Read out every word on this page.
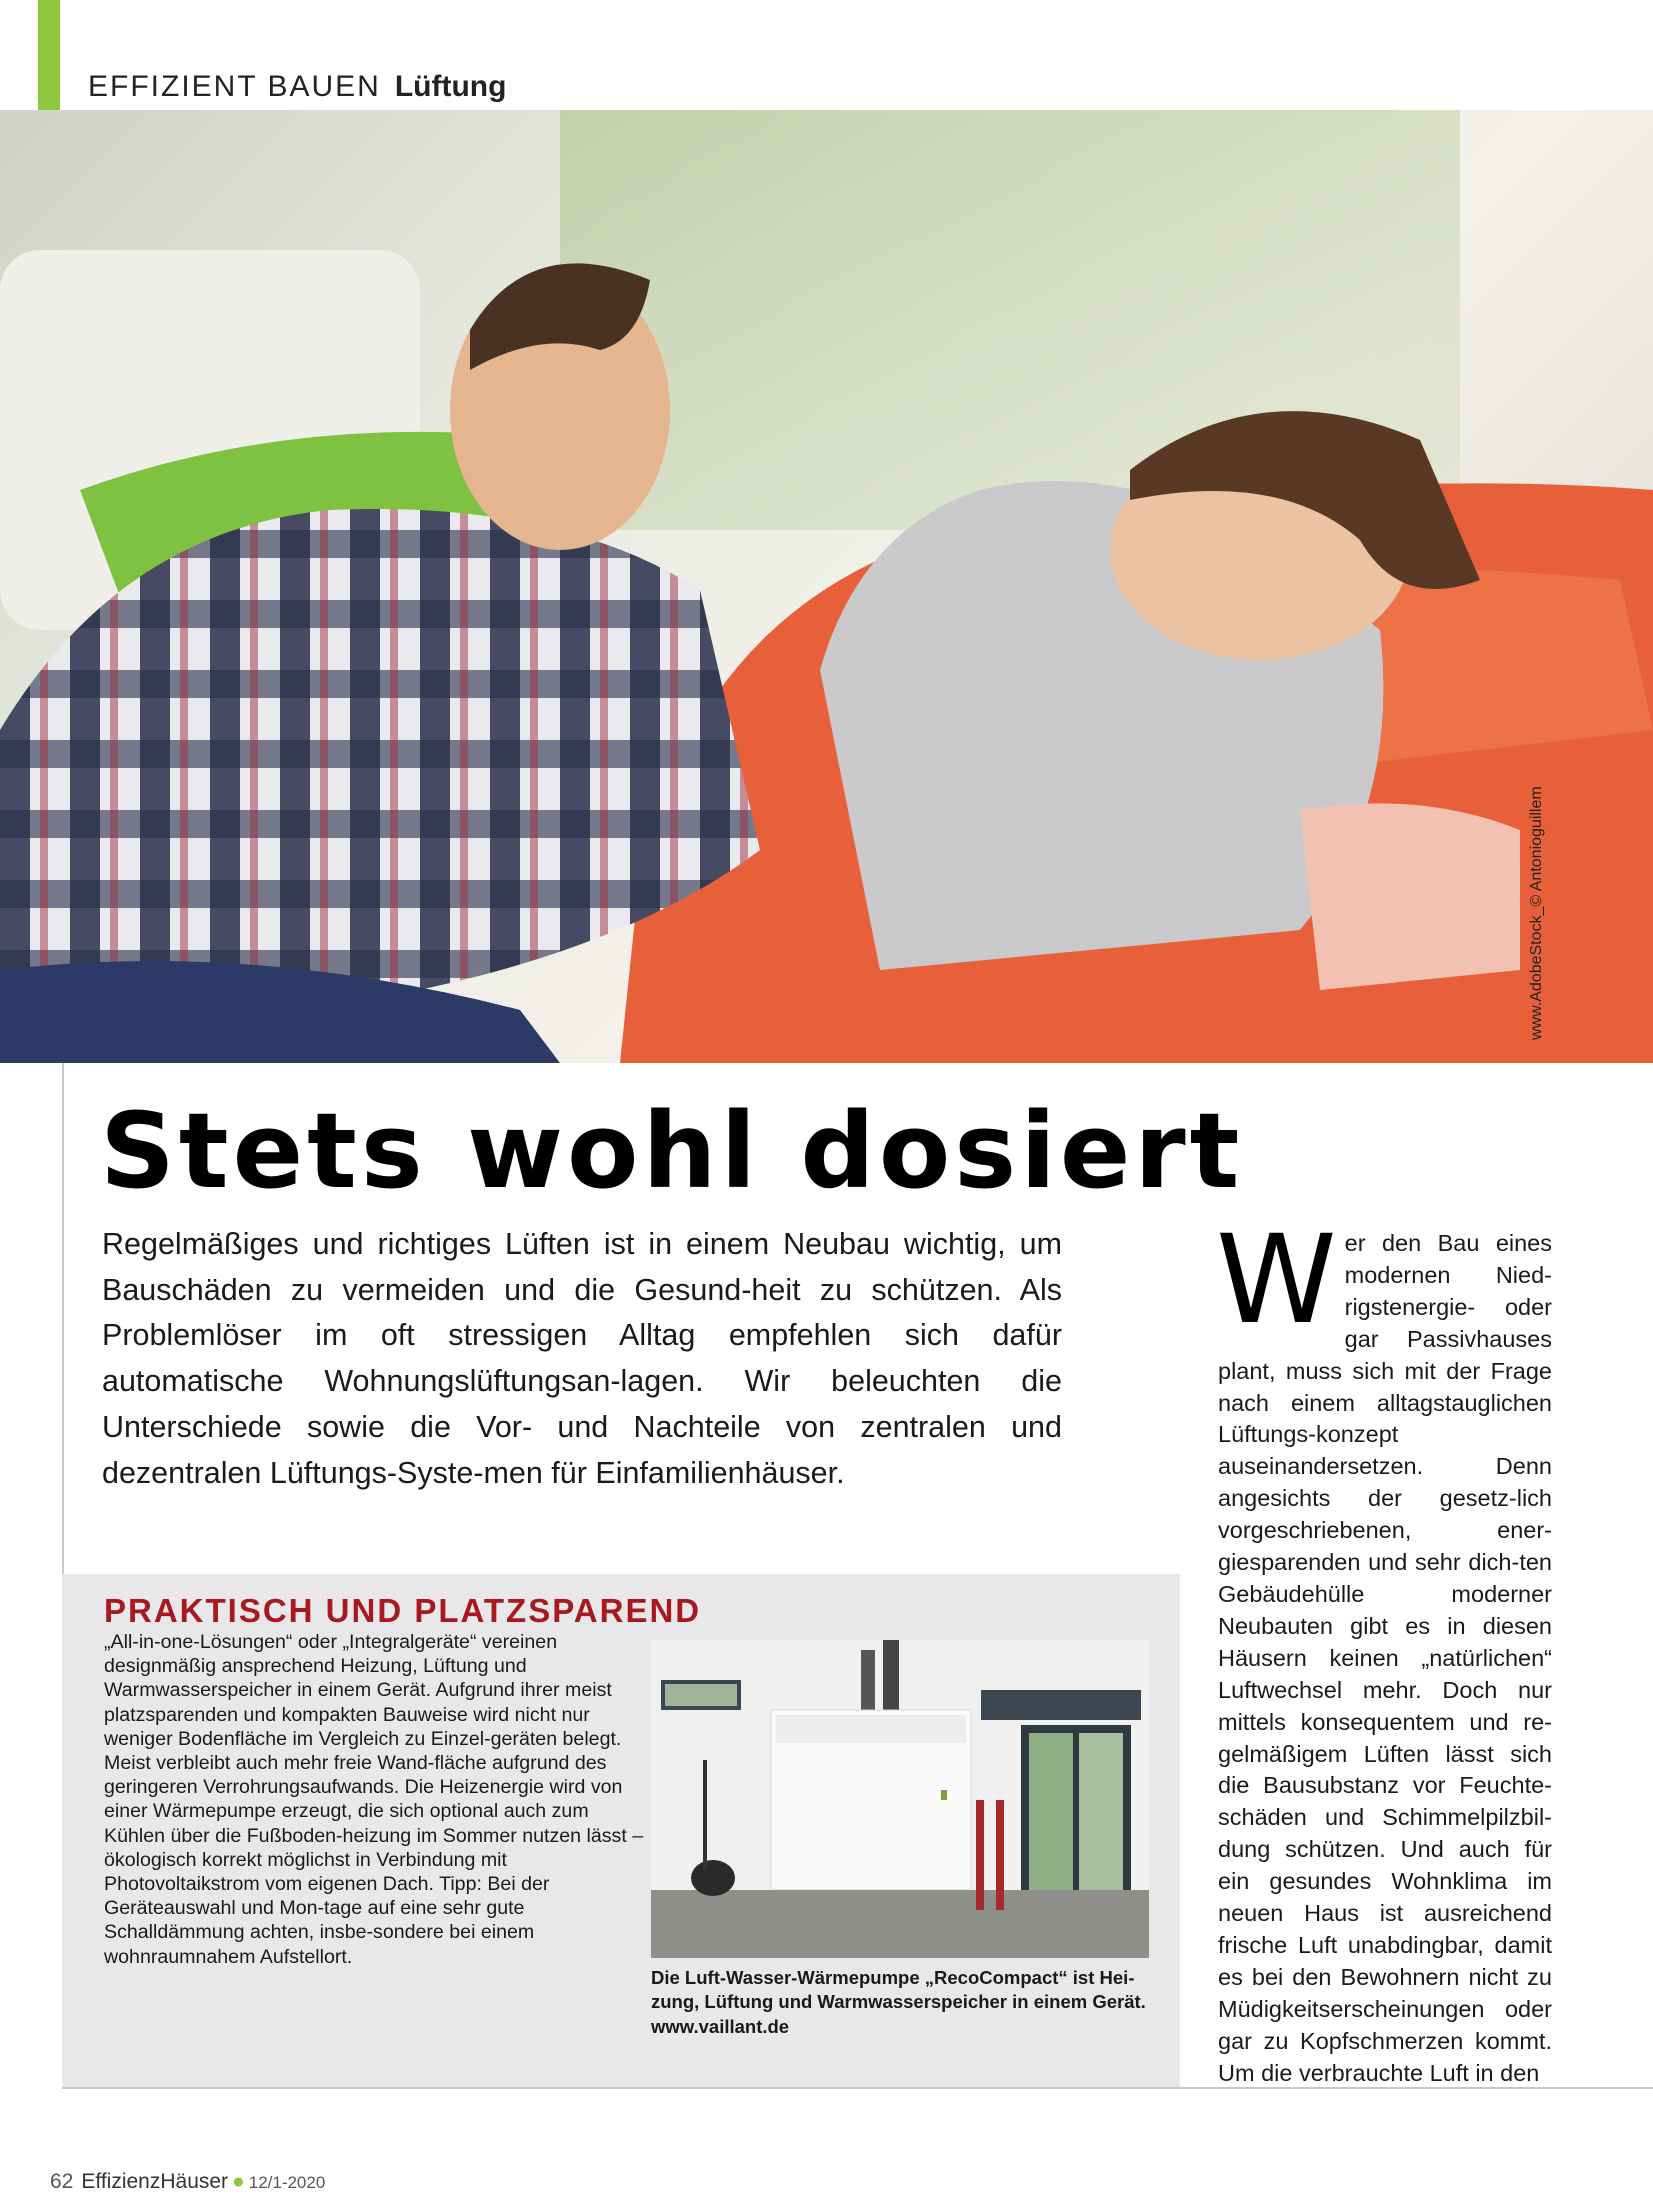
EFFIZIENT BAUEN Lüftung
www.AdobeStock_© Antonioguillem
Stets wohl dosiert

Regelmäßiges und richtiges Lüften ist in einem Neubau wichtig, um Bauschäden zu vermeiden und die Gesund-heit zu schützen. Als Problemlöser im oft stressigen Alltag empfehlen sich dafür automatische Wohnungslüftungsan-lagen. Wir beleuchten die Unterschiede sowie die Vor- und Nachteile von zentralen und dezentralen Lüftungs-Syste-men für Einfamilienhäuser.

Wer den Bau eines modernen Nied-rigstenergie- oder gar Passivhauses plant, muss sich mit der Frage nach einem alltagstauglichen Lüftungs-konzept auseinandersetzen. Denn angesichts der gesetz-lich vorgeschriebenen, ener-giesparenden und sehr dich-ten Gebäudehülle moderner Neubauten gibt es in diesen Häusern keinen „natürlichen“ Luftwechsel mehr. Doch nur mittels konsequentem und re-gelmäßigem Lüften lässt sich die Bausubstanz vor Feuchte-schäden und Schimmelpilzbil-dung schützen. Und auch für ein gesundes Wohnklima im neuen Haus ist ausreichend frische Luft unabdingbar, damit es bei den Bewohnern nicht zu Müdigkeitserscheinungen oder gar zu Kopfschmerzen kommt. Um die verbrauchte Luft in den
PRAKTISCH UND PLATZSPAREND

„All-in-one-Lösungen“ oder „Integralgeräte“ vereinen designmäßig ansprechend Heizung, Lüftung und Warmwasserspeicher in einem Gerät. Aufgrund ihrer meist platzsparenden und kompakten Bauweise wird nicht nur weniger Bodenfläche im Vergleich zu Einzel-geräten belegt. Meist verbleibt auch mehr freie Wand-fläche aufgrund des geringeren Verrohrungsaufwands. Die Heizenergie wird von einer Wärmepumpe erzeugt, die sich optional auch zum Kühlen über die Fußboden-heizung im Sommer nutzen lässt – ökologisch korrekt möglichst in Verbindung mit Photovoltaikstrom vom eigenen Dach. Tipp: Bei der Geräteauswahl und Mon-tage auf eine sehr gute Schalldämmung achten, insbe-sondere bei einem wohnraumnahem Aufstellort.

Die Luft-Wasser-Wärmepumpe „RecoCompact“ ist Hei-zung, Lüftung und Warmwasserspeicher in einem Gerät.
www.vaillant.de

62 EffizienzHäuser ● 12/1-2020
